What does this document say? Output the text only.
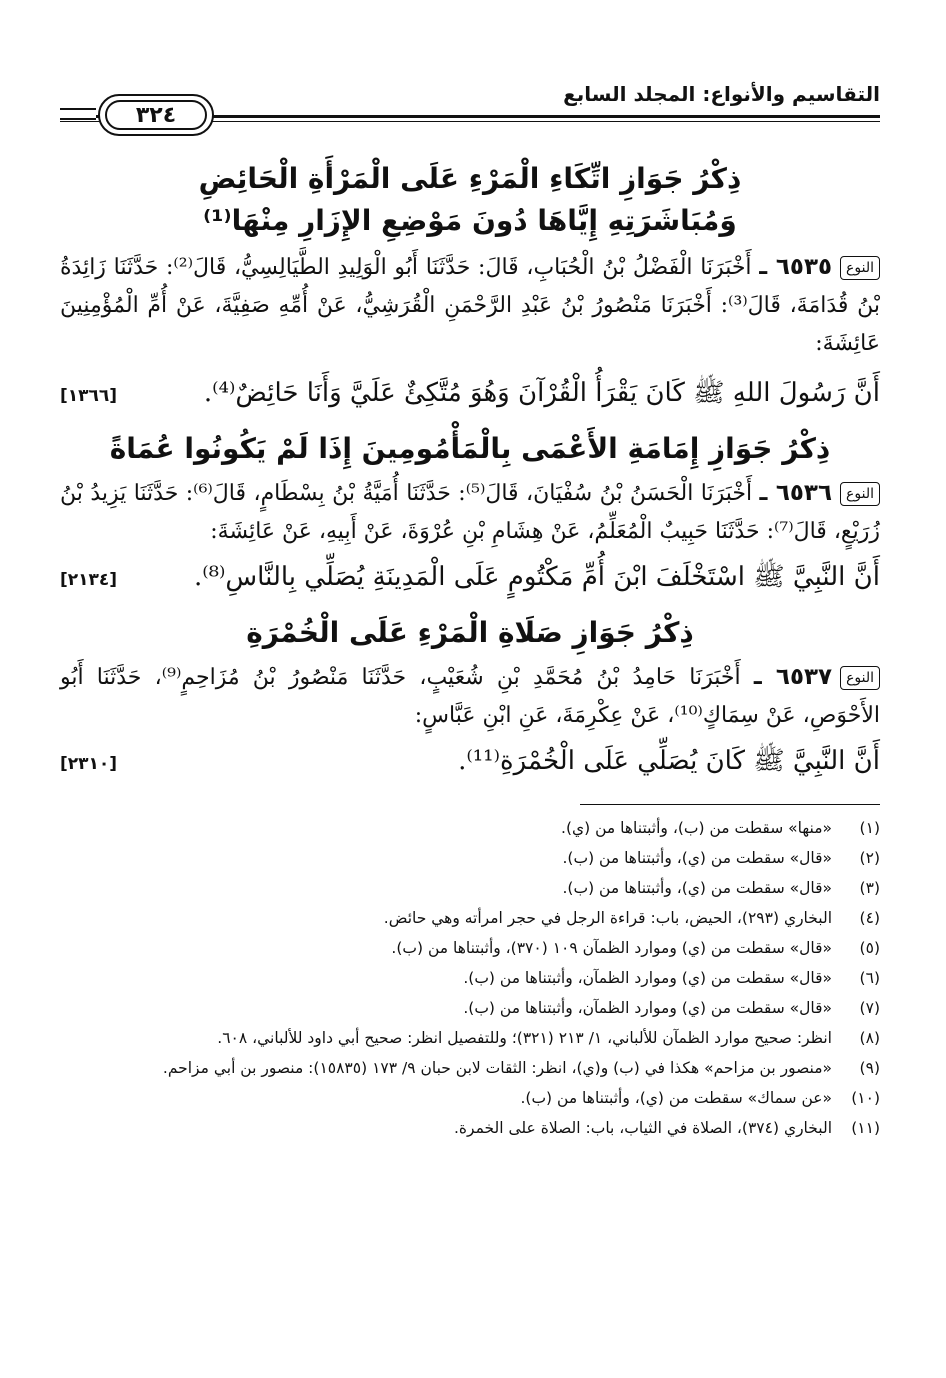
التقاسيم والأنواع: المجلد السابع
٣٢٤
ذِكْرُ جَوَازِ اتِّكَاءِ الْمَرْءِ عَلَى الْمَرْأَةِ الْحَائِضِ
وَمُبَاشَرَتِهِ إِيَّاهَا دُونَ مَوْضِعِ الإِزَارِ مِنْهَا⁽¹⁾
النوع٦٥٣٥ ـ أَخْبَرَنَا الْفَضْلُ بْنُ الْحُبَابِ، قَالَ: حَدَّثَنَا أَبُو الْوَلِيدِ الطَّيَالِسِيُّ، قَالَ⁽²⁾: حَدَّثَنَا زَائِدَةُ بْنُ قُدَامَةَ، قَالَ⁽³⁾: أَخْبَرَنَا مَنْصُورُ بْنُ عَبْدِ الرَّحْمَنِ الْقُرَشِيُّ، عَنْ أُمِّهِ صَفِيَّةَ، عَنْ أُمِّ الْمُؤْمِنِينَ عَائِشَةَ:
أَنَّ رَسُولَ اللهِ ﷺ كَانَ يَقْرَأُ الْقُرْآنَ وَهُوَ مُتَّكِئٌ عَلَيَّ وَأَنَا حَائِضٌ⁽⁴⁾.
[١٣٦٦]
ذِكْرُ جَوَازِ إِمَامَةِ الأَعْمَى بِالْمَأْمُومِينَ إِذَا لَمْ يَكُونُوا عُمَاةً
النوع٦٥٣٦ ـ أَخْبَرَنَا الْحَسَنُ بْنُ سُفْيَانَ، قَالَ⁽⁵⁾: حَدَّثَنَا أُمَيَّةُ بْنُ بِسْطَامٍ، قَالَ⁽⁶⁾: حَدَّثَنَا يَزِيدُ بْنُ زُرَيْعٍ، قَالَ⁽⁷⁾: حَدَّثَنَا حَبِيبٌ الْمُعَلِّمُ، عَنْ هِشَامِ بْنِ عُرْوَةَ، عَنْ أَبِيهِ، عَنْ عَائِشَةَ:
أَنَّ النَّبِيَّ ﷺ اسْتَخْلَفَ ابْنَ أُمِّ مَكْتُومٍ عَلَى الْمَدِينَةِ يُصَلِّي بِالنَّاسِ⁽⁸⁾.
[٢١٣٤]
ذِكْرُ جَوَازِ صَلَاةِ الْمَرْءِ عَلَى الْخُمْرَةِ
النوع٦٥٣٧ ـ أَخْبَرَنَا حَامِدُ بْنُ مُحَمَّدِ بْنِ شُعَيْبٍ، حَدَّثَنَا مَنْصُورُ بْنُ مُزَاحِمٍ⁽⁹⁾، حَدَّثَنَا أَبُو الأَحْوَصِ، عَنْ سِمَاكٍ⁽¹⁰⁾، عَنْ عِكْرِمَةَ، عَنِ ابْنِ عَبَّاسٍ:
أَنَّ النَّبِيَّ ﷺ كَانَ يُصَلِّي عَلَى الْخُمْرَةِ⁽¹¹⁾.
[٢٣١٠]
(١)
«منها» سقطت من (ب)، وأثبتناها من (ي).
(٢)
«قال» سقطت من (ي)، وأثبتناها من (ب).
(٣)
«قال» سقطت من (ي)، وأثبتناها من (ب).
(٤)
البخاري (٢٩٣)، الحيض، باب: قراءة الرجل في حجر امرأته وهي حائض.
(٥)
«قال» سقطت من (ي) وموارد الظمآن ١٠٩ (٣٧٠)، وأثبتناها من (ب).
(٦)
«قال» سقطت من (ي) وموارد الظمآن، وأثبتناها من (ب).
(٧)
«قال» سقطت من (ي) وموارد الظمآن، وأثبتناها من (ب).
(٨)
انظر: صحيح موارد الظمآن للألباني، ١/ ٢١٣ (٣٢١)؛ وللتفصيل انظر: صحيح أبي داود للألباني، ٦٠٨.
(٩)
«منصور بن مزاحم» هكذا في (ب) و(ي)، انظر: الثقات لابن حبان ٩/ ١٧٣ (١٥٨٣٥): منصور بن أبي مزاحم.
(١٠)
«عن سماك» سقطت من (ي)، وأثبتناها من (ب).
(١١)
البخاري (٣٧٤)، الصلاة في الثياب، باب: الصلاة على الخمرة.
